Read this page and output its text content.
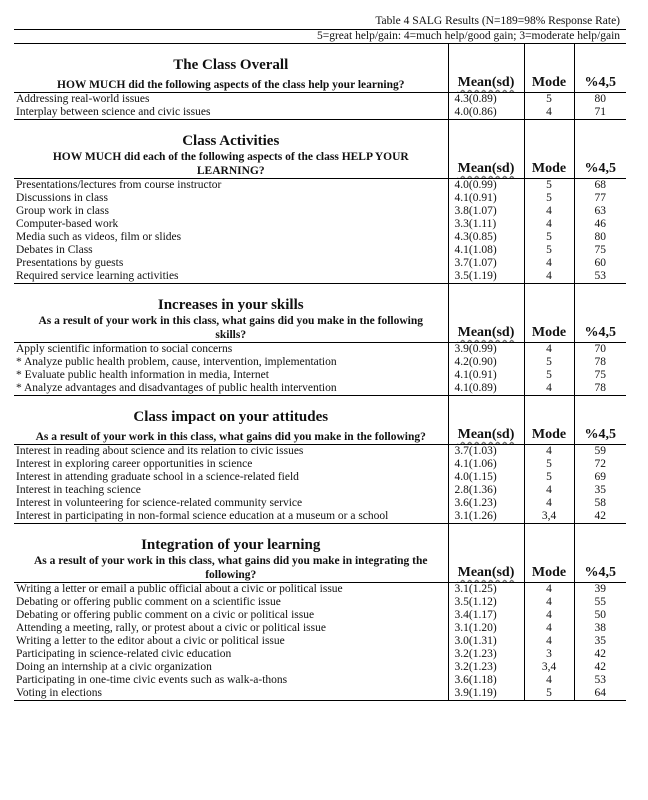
Table 4 SALG Results (N=189=98% Response Rate)			
5=great help/gain: 4=much help/good gain; 3=moderate help/gain			
The Class Overall			
HOW MUCH did the following aspects of the class help your learning?	Mean(sd)	Mode	%4,5
Addressing real-world issues	4.3(0.89)	5	80
Interplay between science and civic issues	4.0(0.86)	4	71
Class Activities			
HOW MUCH did each of the following aspects of the class HELP YOUR LEARNING?	Mean(sd)	Mode	%4,5
Presentations/lectures from course instructor	4.0(0.99)	5	68
Discussions in class	4.1(0.91)	5	77
Group work in class	3.8(1.07)	4	63
Computer-based work	3.3(1.11)	4	46
Media such as videos, film or slides	4.3(0.85)	5	80
Debates in Class	4.1(1.08)	5	75
Presentations by guests	3.7(1.07)	4	60
Required service learning activities	3.5(1.19)	4	53
Increases in your skills			
As a result of your work in this class, what gains did you make in the following skills?	Mean(sd)	Mode	%4,5
Apply scientific information to social concerns	3.9(0.99)	4	70
* Analyze public health problem, cause, intervention, implementation	4.2(0.90)	5	78
* Evaluate public health information in media, Internet	4.1(0.91)	5	75
* Analyze advantages and disadvantages of public health intervention	4.1(0.89)	4	78
Class impact on your attitudes			
As a result of your work in this class, what gains did you make in the following?	Mean(sd)	Mode	%4,5
Interest in reading about science and its relation to civic issues	3.7(1.03)	4	59
Interest in exploring career opportunities in science	4.1(1.06)	5	72
Interest in attending graduate school in a science-related field	4.0(1.15)	5	69
Interest in teaching science	2.8(1.36)	4	35
Interest in volunteering for science-related community service	3.6(1.23)	4	58
Interest in participating in non-formal science education at a museum or a school	3.1(1.26)	3,4	42
Integration of your learning			
As a result of your work in this class, what gains did you make in integrating the following?	Mean(sd)	Mode	%4,5
Writing a letter or email a public official about a civic or political issue	3.1(1.25)	4	39
Debating or offering public comment on a scientific issue	3.5(1.12)	4	55
Debating or offering public comment on a civic or political issue	3.4(1.17)	4	50
Attending a meeting, rally, or protest about a civic or political issue	3.1(1.20)	4	38
Writing a letter to the editor about a civic or political issue	3.0(1.31)	4	35
Participating in science-related civic education	3.2(1.23)	3	42
Doing an internship at a civic organization	3.2(1.23)	3,4	42
Participating in one-time civic events such as walk-a-thons	3.6(1.18)	4	53
Voting in elections	3.9(1.19)	5	64
